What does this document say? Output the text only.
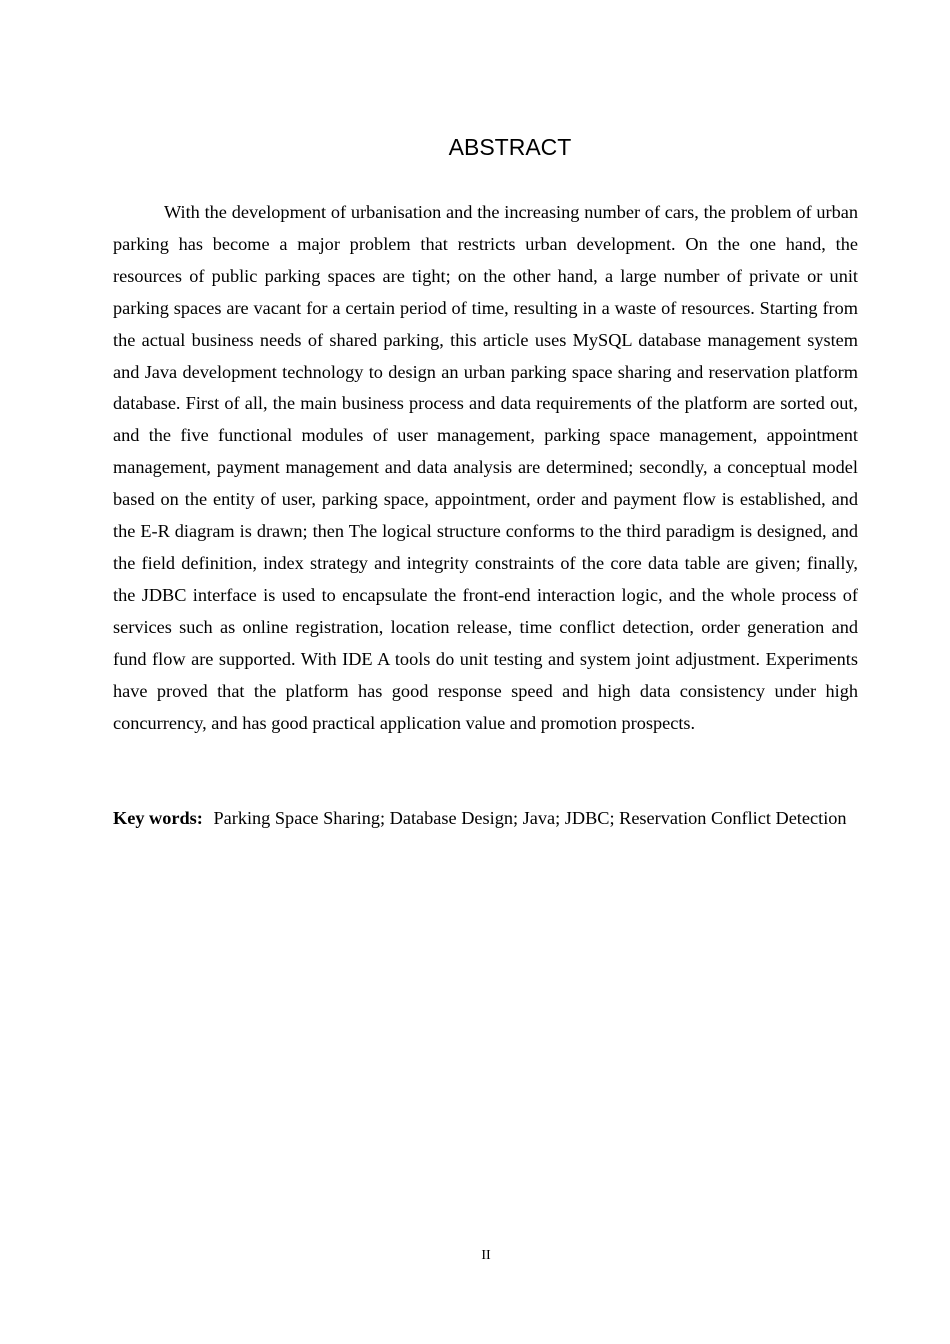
ABSTRACT

With the development of urbanisation and the increasing number of cars, the problem of urban parking has become a major problem that restricts urban development. On the one hand, the resources of public parking spaces are tight; on the other hand, a large number of private or unit parking spaces are vacant for a certain period of time, resulting in a waste of resources. Starting from the actual business needs of shared parking, this article uses MySQL database management system and Java development technology to design an urban parking space sharing and reservation platform database. First of all, the main business process and data requirements of the platform are sorted out, and the five functional modules of user management, parking space management, appointment management, payment management and data analysis are determined; secondly, a conceptual model based on the entity of user, parking space, appointment, order and payment flow is established, and the E-R diagram is drawn; then The logical structure conforms to the third paradigm is designed, and the field definition, index strategy and integrity constraints of the core data table are given; finally, the JDBC interface is used to encapsulate the front-end interaction logic, and the whole process of services such as online registration, location release, time conflict detection, order generation and fund flow are supported. With IDE A tools do unit testing and system joint adjustment. Experiments have proved that the platform has good response speed and high data consistency under high concurrency, and has good practical application value and promotion prospects.

Key words: Parking Space Sharing; Database Design; Java; JDBC; Reservation Conflict Detection

II
